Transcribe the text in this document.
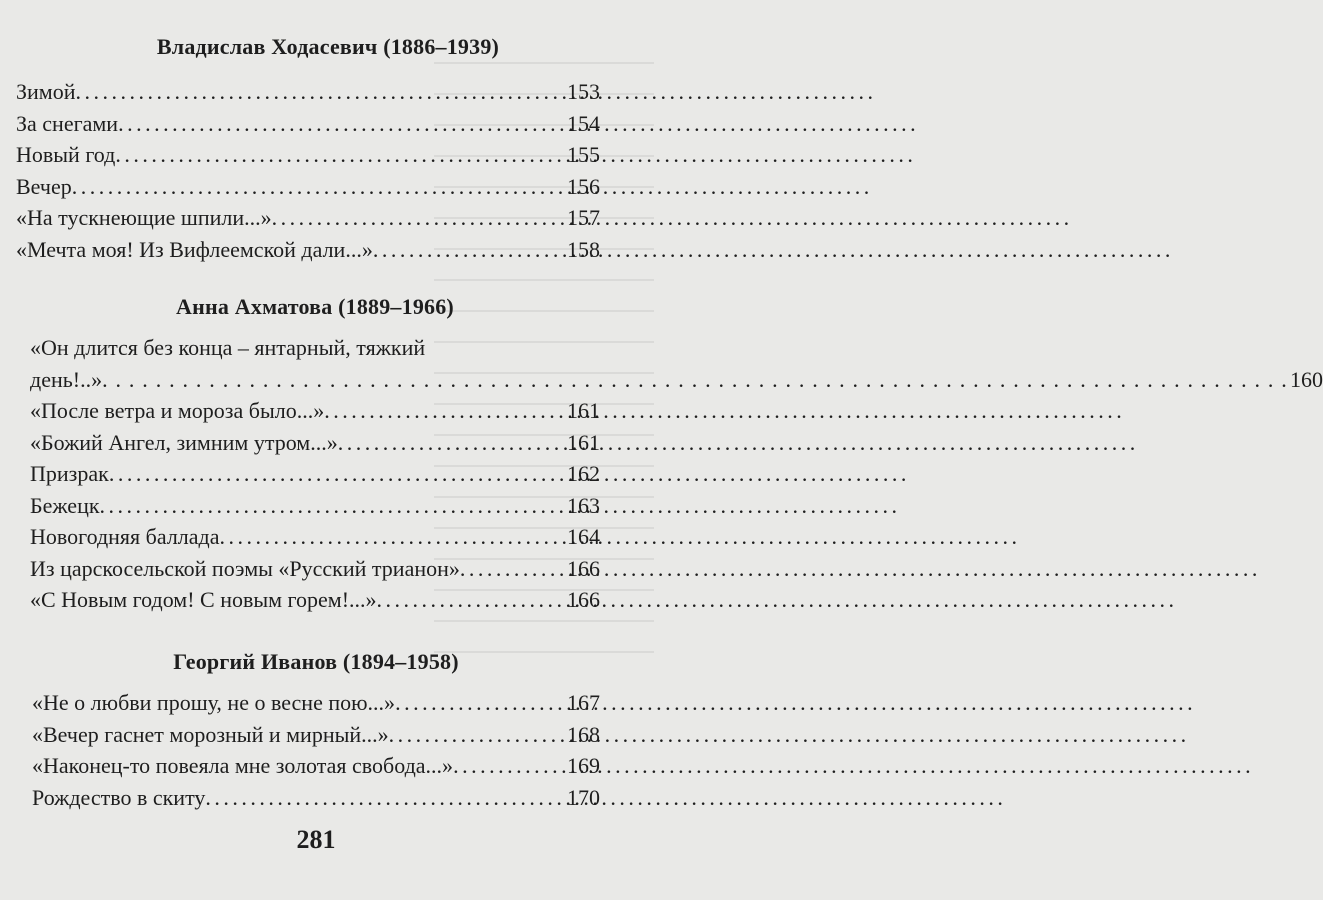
Владислав Ходасевич (1886–1939)
Зимой . . .	153
За снегами . . .	154
Новый год . . .	155
Вечер . . .	156
«На тускнеющие шпили...» . . .	157
«Мечта моя! Из Вифлеемской дали...» . . .	158
Анна Ахматова (1889–1966)
«Он длится без конца – янтарный, тяжкий
день!..» . . .	160
«После ветра и мороза было...» . . .	161
«Божий Ангел, зимним утром...» . . .	161
Призрак . . .	162
Бежецк . . .	163
Новогодняя баллада . . .	164
Из царскосельской поэмы «Русский трианон» . . .	166
«С Новым годом! С новым горем!...» . . .	166
Георгий Иванов (1894–1958)
«Не о любви прошу, не о весне пою...» . . .	167
«Вечер гаснет морозный и мирный...» . . .	168
«Наконец-то повеяла мне золотая свобода...» . . .	169
Рождество в скиту . . .	170
281
